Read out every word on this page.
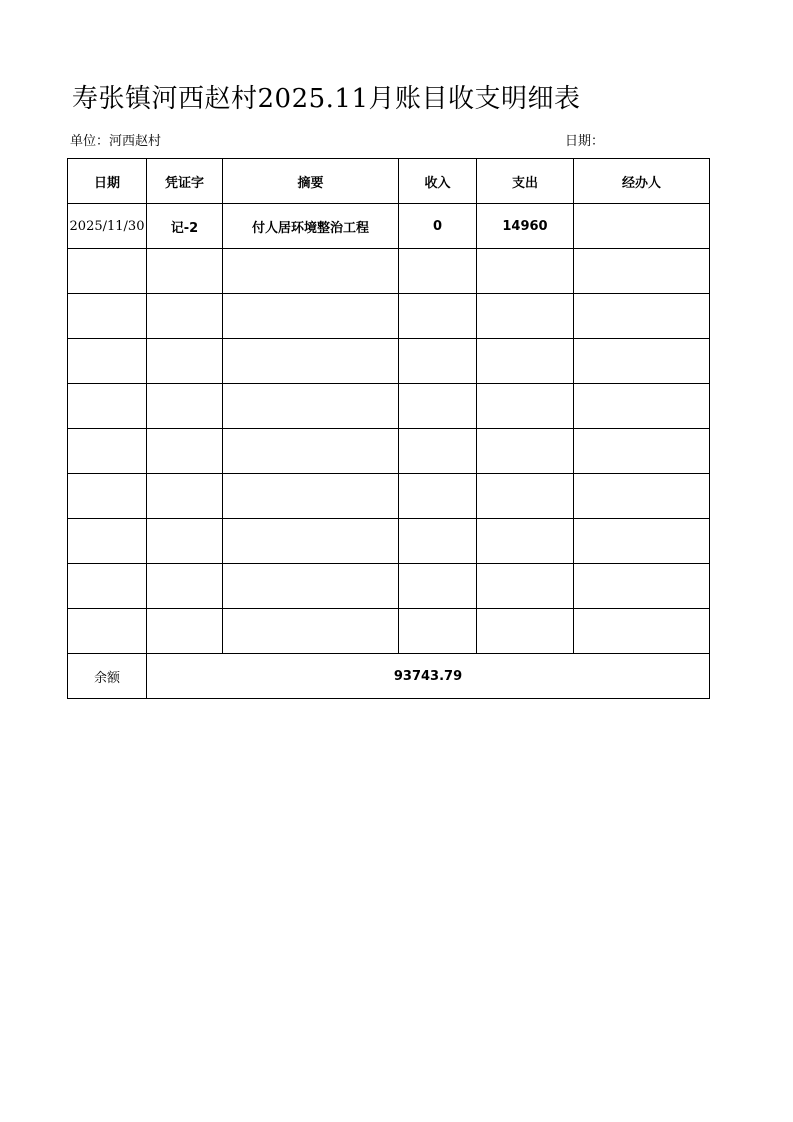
寿张镇河西赵村2025.11月账目收支明细表
单位：河西赵村	日期：
日期	凭证字	摘要	收入	支出	经办人
2025/11/30	记-2	付人居环境整治工程	0	14960	

余额	93743.79				
